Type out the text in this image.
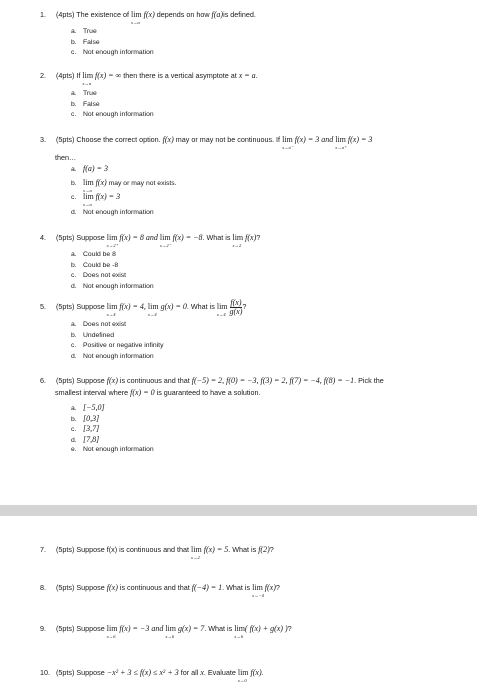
1. (4pts) The existence of lim
x→a
f(x) depends on how f(a)is defined.
a. True
b. False
c. Not enough information
2. (4pts) If lim
x→a
f(x) = ∞ then there is a vertical asymptote at x = a.
a. True
b. False
c. Not enough information
3. (5pts) Choose the correct option. f(x) may or may not be continuous. If lim
x→a⁻
f(x) = 3 and lim
x→a⁺
f(x) = 3
then…
a. f(a) = 3
b. lim
x→a
f(x) may or may not exists.
c. lim
x→a
f(x) = 3
d. Not enough information
4. (5pts) Suppose lim
x→2⁺
f(x) = 8 and lim
x→2⁻
f(x) = −8. What is lim
x→2
f(x)?
a. Could be 8
b. Could be -8
c. Does not exist
d. Not enough information
5. (5pts) Suppose lim
x→4
f(x) = 4, lim
x→4
g(x) = 0. What is lim
x→4
$\frac{f(x)}{g(x)}$ ?
a. Does not exist
b. Undefined
c. Positive or negative infinity
d. Not enough information
6. (5pts) Suppose f(x) is continuous and that f(−5) = 2, f(0) = −3, f(3) = 2, f(7) = −4, f(8) = −1. Pick the
smallest interval where f(x) = 0 is guaranteed to have a solution.
a. [−5,0]
b. [0,3]
c. [3,7]
d. [7,8]
e. Not enough information
7. (5pts) Suppose f(x) is continuous and that lim
x→2
f(x) = 5. What is f(2)?
8. (5pts) Suppose f(x) is continuous and that f(−4) = 1. What is lim
x→−4
f(x)?
9. (5pts) Suppose lim
x→6
f(x) = −3 and lim
x→6
g(x) = 7. What is lim
x→6
( f(x) + g(x) )?
10. (5pts) Suppose −x² + 3 ≤ f(x) ≤ x² + 3 for all x. Evaluate lim
x→0
f(x).
